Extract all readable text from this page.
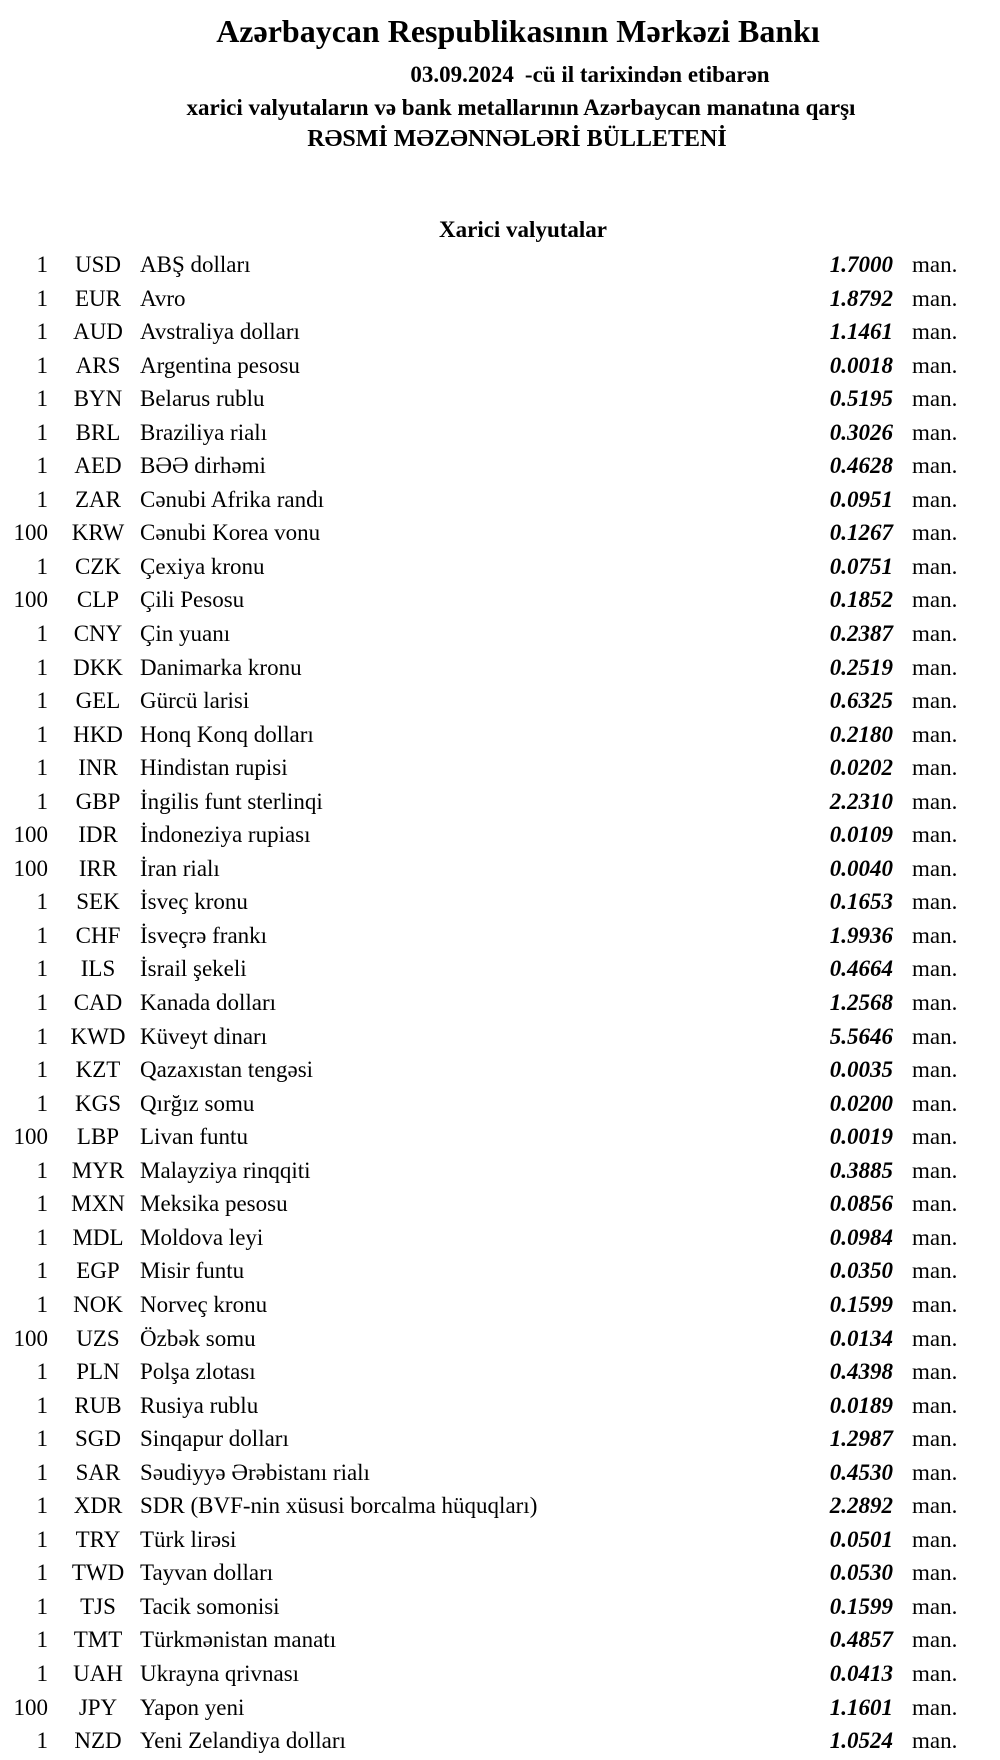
Azərbaycan Respublikasının Mərkəzi Bankı
03.09.2024 -cü il tarixindən etibarən
xarici valyutaların və bank metallarının Azərbaycan manatına qarşı
RƏSMİ MƏZƏNNƏLƏRİ BÜLLETENİ
Xarici valyutalar
1	USD ABŞ dolları	1.7000 man.
1	EUR Avro	1.8792 man.
1	AUD Avstraliya dolları	1.1461 man.
1	ARS Argentina pesosu	0.0018 man.
1	BYN Belarus rublu	0.5195 man.
1	BRL Braziliya rialı	0.3026 man.
1	AED BƏƏ dirhəmi	0.4628 man.
1	ZAR Cənubi Afrika randı	0.0951 man.
100	KRW Cənubi Korea vonu	0.1267 man.
1	CZK Çexiya kronu	0.0751 man.
100	CLP Çili Pesosu	0.1852 man.
1	CNY Çin yuanı	0.2387 man.
1	DKK Danimarka kronu	0.2519 man.
1	GEL Gürcü larisi	0.6325 man.
1	HKD Honq Konq dolları	0.2180 man.
1	INR Hindistan rupisi	0.0202 man.
1	GBP İngilis funt sterlinqi	2.2310 man.
100	IDR İndoneziya rupiası	0.0109 man.
100	IRR İran rialı	0.0040 man.
1	SEK İsveç kronu	0.1653 man.
1	CHF İsveçrə frankı	1.9936 man.
1	ILS	İsrail şekeli	0.4664 man.
1	CAD Kanada dolları	1.2568 man.
1 KWD Küveyt dinarı	5.5646 man.
1	KZT Qazaxıstan tengəsi	0.0035 man.
1	KGS Qırğız somu	0.0200 man.
100	LBP Livan funtu	0.0019 man.
1	MYR Malayziya rinqqiti	0.3885 man.
1	MXN Meksika pesosu	0.0856 man.
1	MDL Moldova leyi	0.0984 man.
1	EGP Misir funtu	0.0350 man.
1	NOK Norveç kronu	0.1599 man.
100	UZS Özbək somu	0.0134 man.
1	PLN Polşa zlotası	0.4398 man.
1	RUB Rusiya rublu	0.0189 man.
1	SGD Sinqapur dolları	1.2987 man.
1	SAR Səudiyyə Ərəbistanı rialı	0.4530 man.
1	XDR SDR (BVF-nin xüsusi borcalma hüquqları)	2.2892 man.
1	TRY Türk lirəsi	0.0501 man.
1	TWD Tayvan dolları	0.0530 man.
1	TJS	Tacik somonisi	0.1599 man.
1	TMT Türkmənistan manatı	0.4857 man.
1	UAH Ukrayna qrivnası	0.0413 man.
100	JPY Yapon yeni	1.1601 man.
1	NZD Yeni Zelandiya dolları	1.0524 man.
